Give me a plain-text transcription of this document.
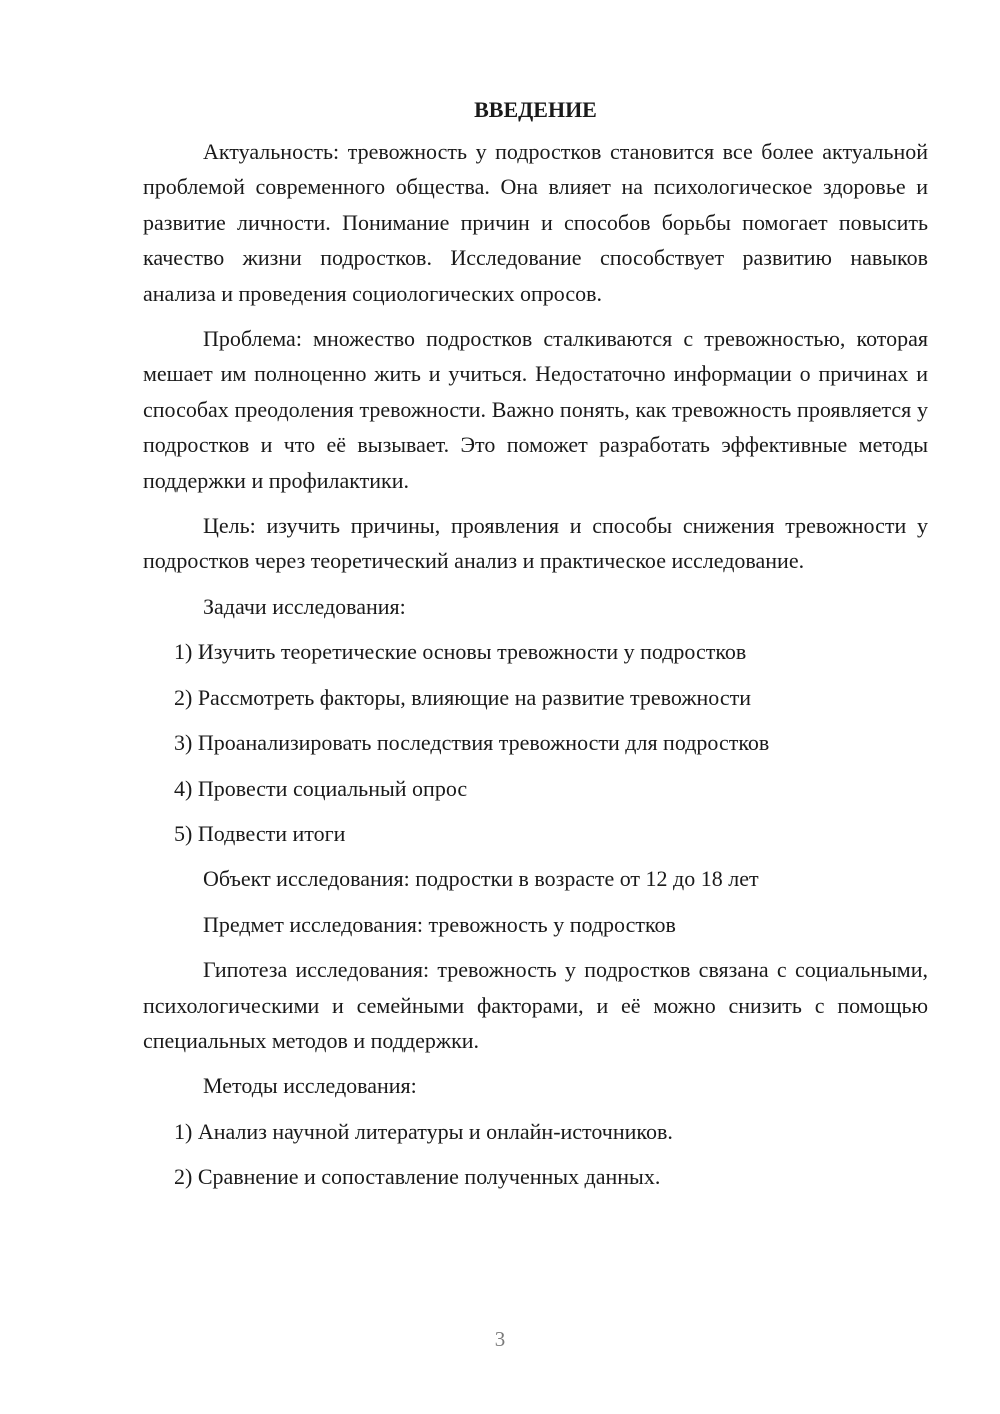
ВВЕДЕНИЕ
Актуальность: тревожность у подростков становится все более актуальной проблемой современного общества. Она влияет на психологическое здоровье и развитие личности. Понимание причин и способов борьбы помогает повысить качество жизни подростков. Исследование способствует развитию навыков анализа и проведения социологических опросов.
Проблема: множество подростков сталкиваются с тревожностью, которая мешает им полноценно жить и учиться. Недостаточно информации о причинах и способах преодоления тревожности. Важно понять, как тревожность проявляется у подростков и что её вызывает. Это поможет разработать эффективные методы поддержки и профилактики.
Цель: изучить причины, проявления и способы снижения тревожности у подростков через теоретический анализ и практическое исследование.
Задачи исследования:
1) Изучить теоретические основы тревожности у подростков
2) Рассмотреть факторы, влияющие на развитие тревожности
3) Проанализировать последствия тревожности для подростков
4) Провести социальный опрос
5) Подвести итоги
Объект исследования: подростки в возрасте от 12 до 18 лет
Предмет исследования: тревожность у подростков
Гипотеза исследования: тревожность у подростков связана с социальными, психологическими и семейными факторами, и её можно снизить с помощью специальных методов и поддержки.
Методы исследования:
1) Анализ научной литературы и онлайн-источников.
2) Сравнение и сопоставление полученных данных.
3
